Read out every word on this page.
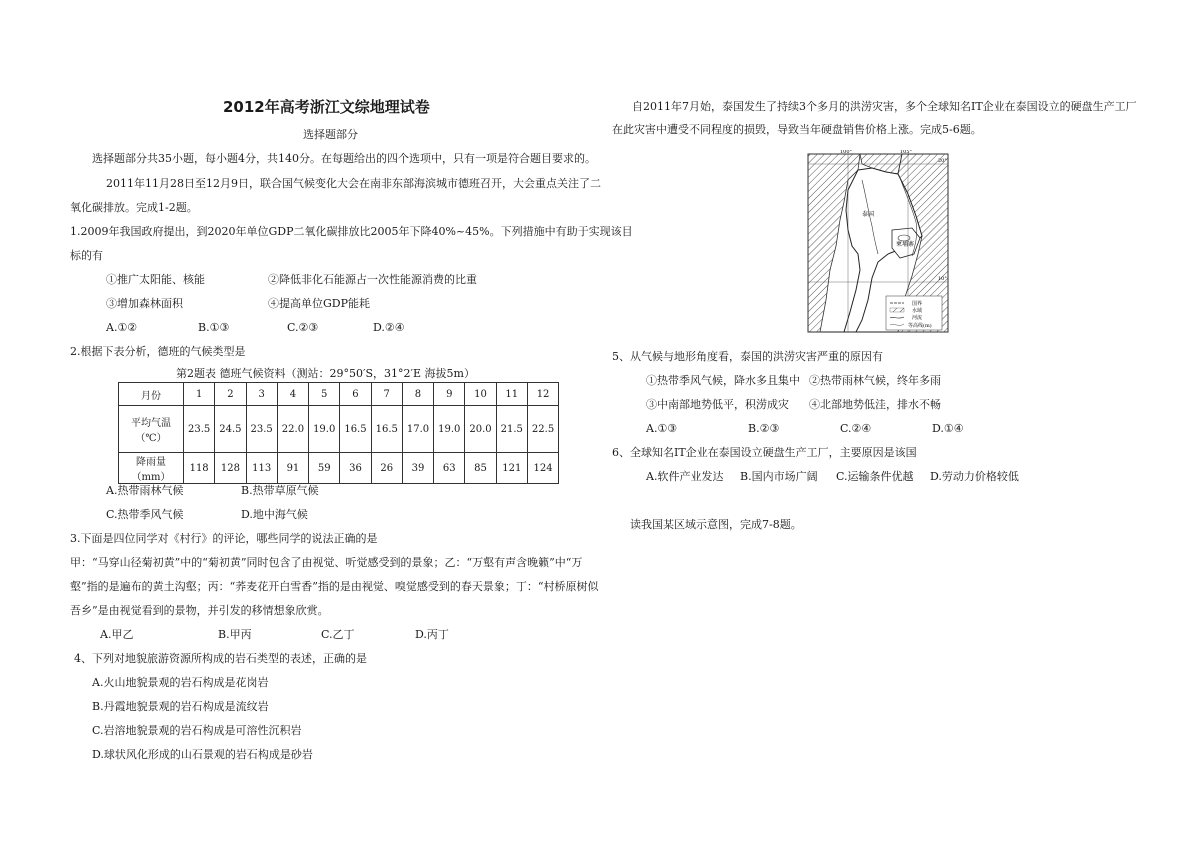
2012年高考浙江文综地理试卷
选择题部分
选择题部分共35小题，每小题4分，共140分。在每题给出的四个选项中，只有一项是符合题目要求的。
2011年11月28日至12月9日，联合国气候变化大会在南非东部海滨城市德班召开，大会重点关注了二
氧化碳排放。完成1-2题。
1.2009年我国政府提出，到2020年单位GDP二氧化碳排放比2005年下降40%~45%。下列措施中有助于实现该目
标的有
①推广太阳能、核能	②降低非化石能源占一次性能源消费的比重
③增加森林面积	④提高单位GDP能耗
A.①②	B.①③	C.②③	D.②④
2.根据下表分析，德班的气候类型是
第2题表 德班气候资料（测站：29°50′S，31°2′E 海拔5m）
月份	1	2	3	4	5	6	7	8	9	10	11	12

平均气温
（℃）	23.5	24.5	23.5	22.0	19.0	16.5	16.5	17.0	19.0	20.0	21.5	22.5
降雨量（mm）	118	128	113	91	59	36	26	39	63	85	121	124
A.热带雨林气候	B.热带草原气候
C.热带季风气候	D.地中海气候
3.下面是四位同学对《村行》的评论，哪些同学的说法正确的是
甲：“马穿山径菊初黄”中的“菊初黄”同时包含了由视觉、听觉感受到的景象；乙：“万壑有声含晚籁”中“万
壑”指的是遍布的黄土沟壑；丙：“荞麦花开白雪香”指的是由视觉、嗅觉感受到的春天景象；丁：“村桥原树似
吾乡”是由视觉看到的景物，并引发的移情想象欣赏。
A.甲乙	B.甲丙	C.乙丁	D.丙丁
4、下列对地貌旅游资源所构成的岩石类型的表述，正确的是
A.火山地貌景观的岩石构成是花岗岩
B.丹霞地貌景观的岩石构成是流纹岩
C.岩溶地貌景观的岩石构成是可溶性沉积岩
D.球状风化形成的山石景观的岩石构成是砂岩
自2011年7月始，泰国发生了持续3个多月的洪涝灾害，多个全球知名IT企业在泰国设立的硬盘生产工厂
在此灾害中遭受不同程度的损毁，导致当年硬盘销售价格上涨。完成5-6题。
5、从气候与地形角度看，泰国的洪涝灾害严重的原因有
①热带季风气候，降水多且集中 ②热带雨林气候，终年多雨
③中南部地势低平，积涝成灾 ④北部地势低洼，排水不畅
A.①③	B.②③	C.②④	D.①④
6、全球知名IT企业在泰国设立硬盘生产工厂，主要原因是该国
A.软件产业发达 B.国内市场广阔 C.运输条件优越 D.劳动力价格较低
读我国某区域示意图，完成7-8题。
100°	105°
20°
10°
泰国
柬埔寨
国界
水域
河流
等高线(m)
